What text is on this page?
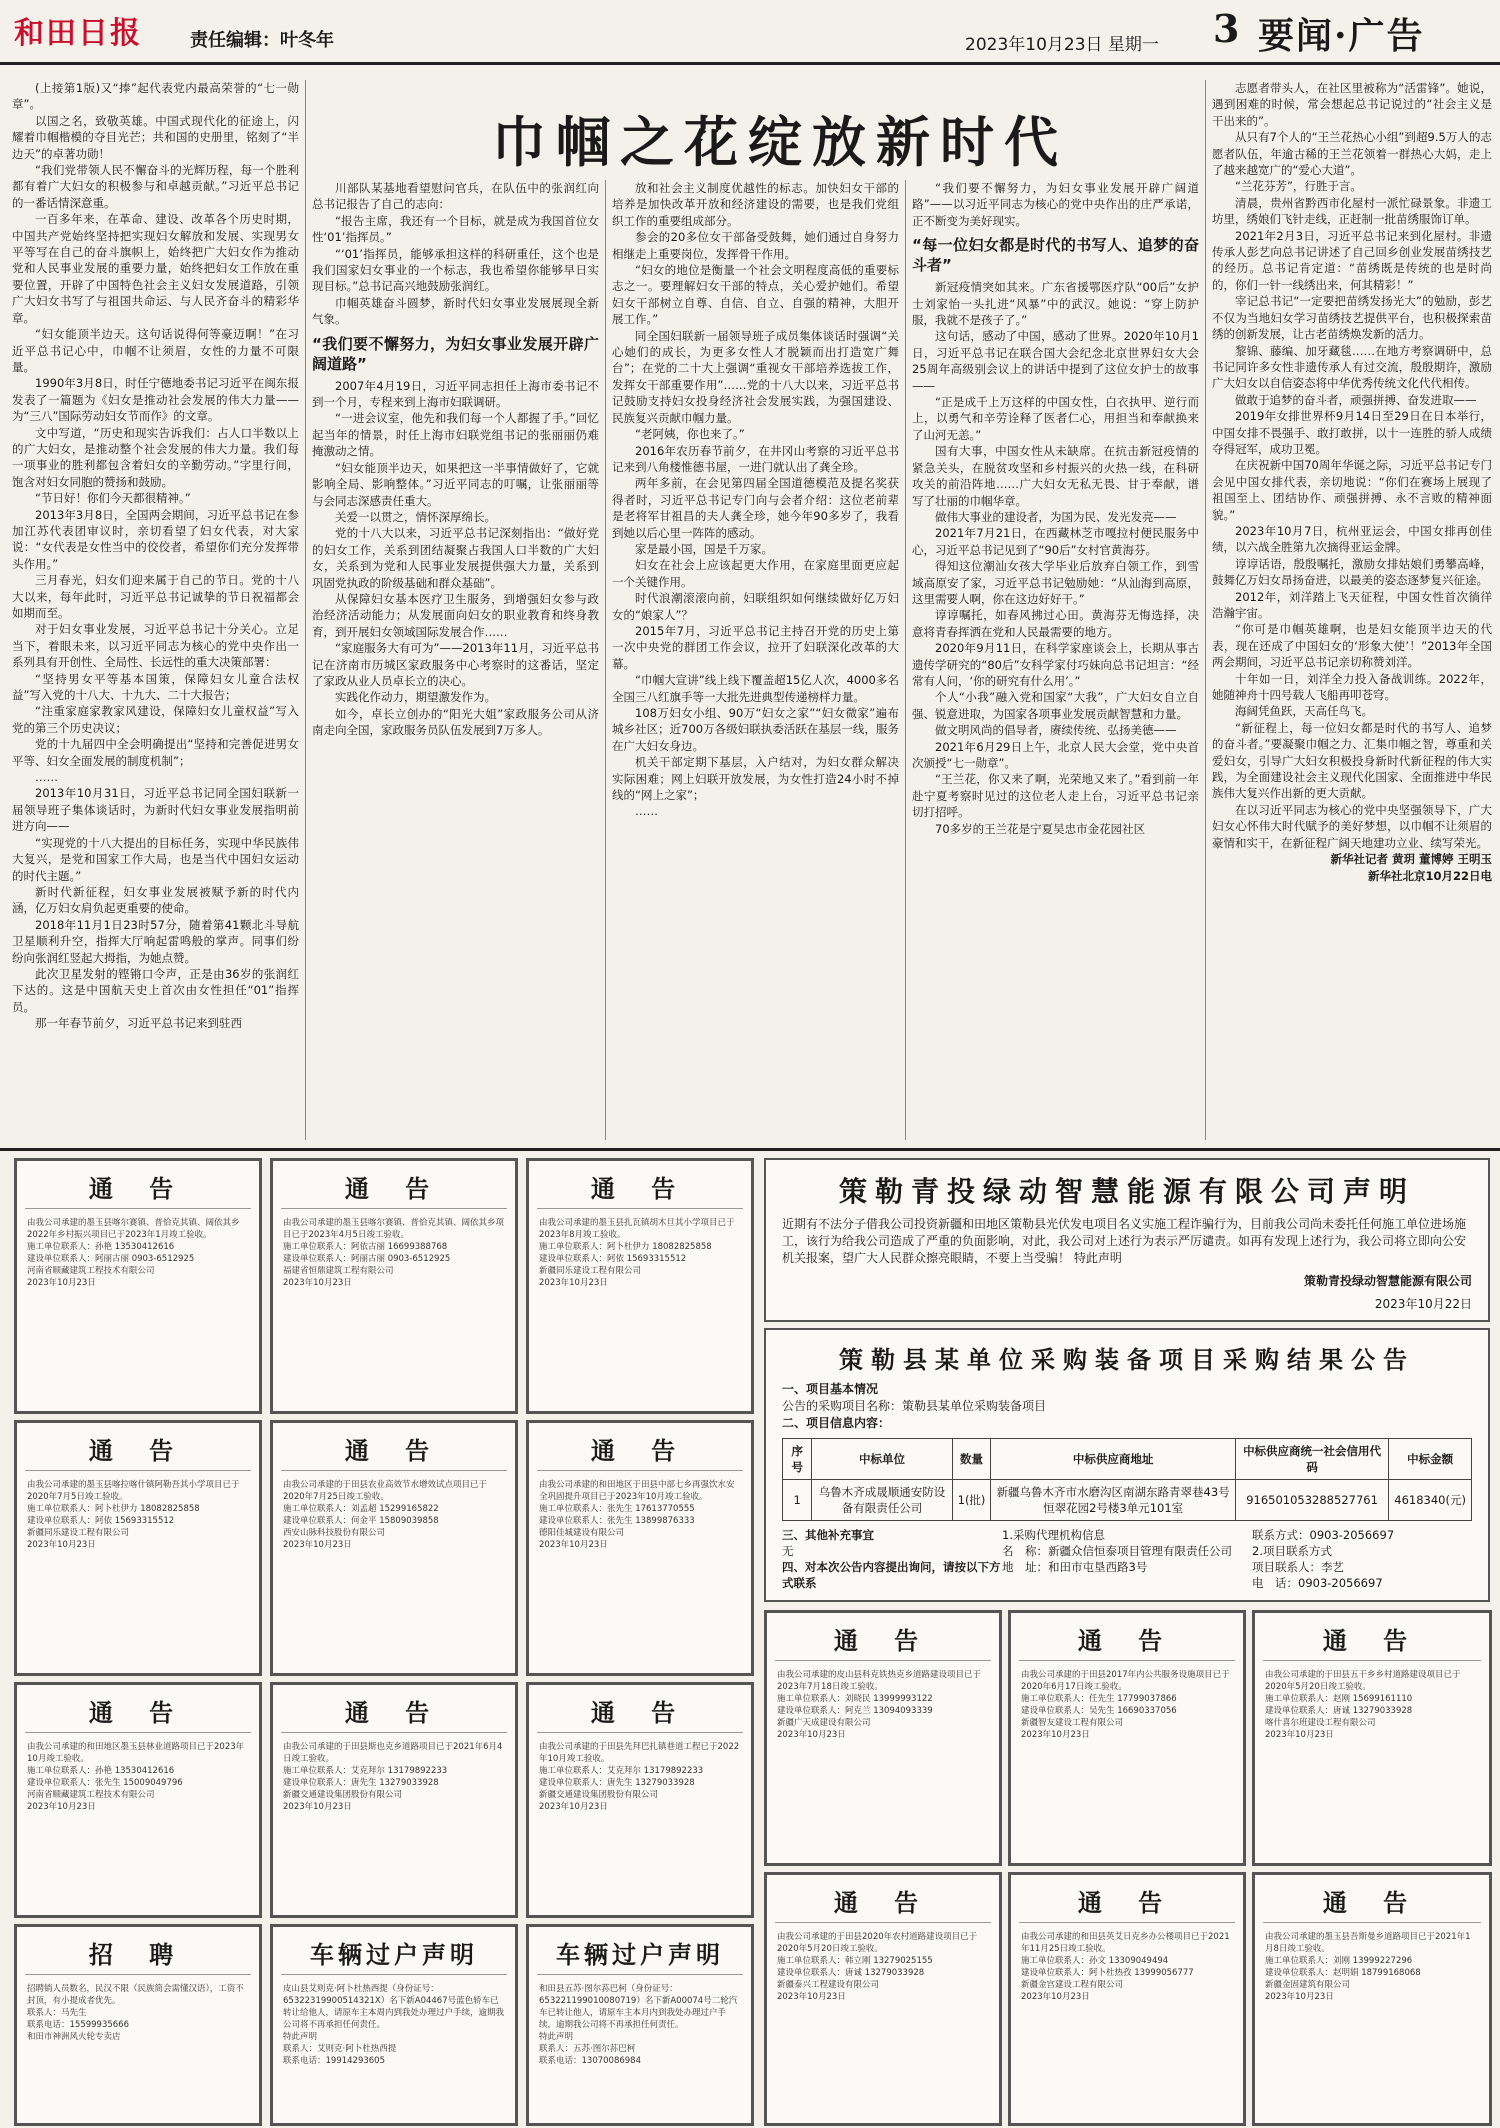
和田日报	责任编辑：叶冬年	2023年10月23日 星期一 3 要闻·广告
巾帼之花绽放新时代

(上接第1版)又“捧”起代表党内最高荣誉的“七一勋章”。

以国之名，致敬英雄。中国式现代化的征途上，闪耀着巾帼楷模的夺目光芒；共和国的史册里，铭刻了“半边天”的卓著功勋！

“我们党带领人民不懈奋斗的光辉历程，每一个胜利都有着广大妇女的积极参与和卓越贡献。”习近平总书记的一番话情深意重。

一百多年来，在革命、建设、改革各个历史时期，中国共产党始终坚持把实现妇女解放和发展、实现男女平等写在自己的奋斗旗帜上，始终把广大妇女作为推动党和人民事业发展的重要力量，始终把妇女工作放在重要位置，开辟了中国特色社会主义妇女发展道路，引领广大妇女书写了与祖国共命运、与人民齐奋斗的精彩华章。

“妇女能顶半边天。这句话说得何等豪迈啊！”在习近平总书记心中，巾帼不让须眉，女性的力量不可限量。

1990年3月8日，时任宁德地委书记习近平在闽东报发表了一篇题为《妇女是推动社会发展的伟大力量——为“三八”国际劳动妇女节而作》的文章。

文中写道，“历史和现实告诉我们：占人口半数以上的广大妇女，是推动整个社会发展的伟大力量。我们每一项事业的胜利都包含着妇女的辛勤劳动。”字里行间，饱含对妇女同胞的赞扬和鼓励。

“节日好！你们今天都很精神。”

2013年3月8日，全国两会期间，习近平总书记在参加江苏代表团审议时，亲切看望了妇女代表，对大家说：“女代表是女性当中的佼佼者，希望你们充分发挥带头作用。”

三月春光，妇女们迎来属于自己的节日。党的十八大以来，每年此时，习近平总书记诚挚的节日祝福都会如期而至。

对于妇女事业发展，习近平总书记十分关心。立足当下，着眼未来，以习近平同志为核心的党中央作出一系列具有开创性、全局性、长远性的重大决策部署：

“坚持男女平等基本国策，保障妇女儿童合法权益”写入党的十八大、十九大、二十大报告；

“注重家庭家教家风建设，保障妇女儿童权益”写入党的第三个历史决议；

党的十九届四中全会明确提出“坚持和完善促进男女平等、妇女全面发展的制度机制”；

……

2013年10月31日，习近平总书记同全国妇联新一届领导班子集体谈话时，为新时代妇女事业发展指明前进方向——

“实现党的十八大提出的目标任务，实现中华民族伟大复兴，是党和国家工作大局，也是当代中国妇女运动的时代主题。”

新时代新征程，妇女事业发展被赋予新的时代内涵，亿万妇女肩负起更重要的使命。

2018年11月1日23时57分，随着第41颗北斗导航卫星顺利升空，指挥大厅响起雷鸣般的掌声。同事们纷纷向张润红竖起大拇指，为她点赞。

此次卫星发射的铿锵口令声，正是由36岁的张润红下达的。这是中国航天史上首次由女性担任“01”指挥员。

那一年春节前夕，习近平总书记来到驻西

川部队某基地看望慰问官兵，在队伍中的张润红向总书记报告了自己的志向：

“报告主席，我还有一个目标，就是成为我国首位女性‘01’指挥员。”

“‘01’指挥员，能够承担这样的科研重任，这个也是我们国家妇女事业的一个标志，我也希望你能够早日实现目标。”总书记高兴地鼓励张润红。

巾帼英雄奋斗圆梦，新时代妇女事业发展展现全新气象。

“我们要不懈努力，为妇女事业发展开辟广阔道路”

2007年4月19日，习近平同志担任上海市委书记不到一个月，专程来到上海市妇联调研。

“一进会议室，他先和我们每一个人都握了手。”回忆起当年的情景，时任上海市妇联党组书记的张丽丽仍难掩激动之情。

“妇女能顶半边天，如果把这一半事情做好了，它就影响全局、影响整体。”习近平同志的叮嘱，让张丽丽等与会同志深感责任重大。

关爱一以贯之，情怀深厚绵长。

党的十八大以来，习近平总书记深刻指出：“做好党的妇女工作，关系到团结凝聚占我国人口半数的广大妇女，关系到为党和人民事业发展提供强大力量，关系到巩固党执政的阶级基础和群众基础”。

从保障妇女基本医疗卫生服务，到增强妇女参与政治经济活动能力；从发展面向妇女的职业教育和终身教育，到开展妇女领域国际发展合作……

“家庭服务大有可为”——2013年11月，习近平总书记在济南市历城区家政服务中心考察时的这番话，坚定了家政从业人员卓长立的决心。

实践化作动力，期望激发作为。

如今，卓长立创办的“阳光大姐”家政服务公司从济南走向全国，家政服务员队伍发展到7万多人。

放和社会主义制度优越性的标志。加快妇女干部的培养是加快改革开放和经济建设的需要，也是我们党组织工作的重要组成部分。

参会的20多位女干部备受鼓舞，她们通过自身努力相继走上重要岗位，发挥骨干作用。

“妇女的地位是衡量一个社会文明程度高低的重要标志之一。要理解妇女干部的特点，关心爱护她们。希望妇女干部树立自尊、自信、自立、自强的精神，大胆开展工作。”

同全国妇联新一届领导班子成员集体谈话时强调“关心她们的成长，为更多女性人才脱颖而出打造宽广舞台”；在党的二十大上强调“重视女干部培养选拔工作，发挥女干部重要作用”……党的十八大以来，习近平总书记鼓励支持妇女投身经济社会发展实践，为强国建设、民族复兴贡献巾帼力量。

“老阿姨，你也来了。”

2016年农历春节前夕，在井冈山考察的习近平总书记来到八角楼惟德书屋，一进门就认出了龚全珍。

两年多前，在会见第四届全国道德模范及提名奖获得者时，习近平总书记专门向与会者介绍：这位老前辈是老将军甘祖昌的夫人龚全珍，她今年90多岁了，我看到她以后心里一阵阵的感动。

家是最小国，国是千万家。

妇女在社会上应该起更大作用，在家庭里面更应起一个关键作用。

时代浪潮滚滚向前，妇联组织如何继续做好亿万妇女的“娘家人”？

2015年7月，习近平总书记主持召开党的历史上第一次中央党的群团工作会议，拉开了妇联深化改革的大幕。

“巾帼大宣讲”线上线下覆盖超15亿人次，4000多名全国三八红旗手等一大批先进典型传递榜样力量。

108万妇女小组、90万“妇女之家”“妇女微家”遍布城乡社区；近700万各级妇联执委活跃在基层一线，服务在广大妇女身边。

机关干部定期下基层，入户结对，为妇女群众解决实际困难；网上妇联开放发展，为女性打造24小时不掉线的“网上之家”；

……

“我们要不懈努力，为妇女事业发展开辟广阔道路”——以习近平同志为核心的党中央作出的庄严承诺，正不断变为美好现实。

“每一位妇女都是时代的书写人、追梦的奋斗者”

新冠疫情突如其来。广东省援鄂医疗队“00后”女护士刘家怡一头扎进“风暴”中的武汉。她说：“穿上防护服，我就不是孩子了。”

这句话，感动了中国，感动了世界。2020年10月1日，习近平总书记在联合国大会纪念北京世界妇女大会25周年高级别会议上的讲话中提到了这位女护士的故事——

“正是成千上万这样的中国女性，白衣执甲、逆行而上，以勇气和辛劳诠释了医者仁心，用担当和奉献换来了山河无恙。”

国有大事，中国女性从未缺席。在抗击新冠疫情的紧急关头，在脱贫攻坚和乡村振兴的火热一线，在科研攻关的前沿阵地……广大妇女无私无畏、甘于奉献，谱写了壮丽的巾帼华章。

做伟大事业的建设者，为国为民、发光发亮——

2021年7月21日，在西藏林芝市嘎拉村便民服务中心，习近平总书记见到了“90后”女村官黄海芬。

得知这位潮汕女孩大学毕业后放弃白领工作，到雪域高原安了家，习近平总书记勉励她：“从汕海到高原，这里需要人啊，你在这边好好干。”

谆谆嘱托，如春风拂过心田。黄海芬无悔选择，决意将青春挥洒在党和人民最需要的地方。

2020年9月11日，在科学家座谈会上，长期从事古遗传学研究的“80后”女科学家付巧妹向总书记坦言：“经常有人问，‘你的研究有什么用’。”

个人“小我”融入党和国家“大我”，广大妇女自立自强、锐意进取，为国家各项事业发展贡献智慧和力量。

做文明风尚的倡导者，赓续传统、弘扬美德——

2021年6月29日上午，北京人民大会堂，党中央首次颁授“七一勋章”。

“王兰花，你又来了啊，光荣地又来了。”看到前一年赴宁夏考察时见过的这位老人走上台，习近平总书记亲切打招呼。

70多岁的王兰花是宁夏吴忠市金花园社区

志愿者带头人，在社区里被称为“活雷锋”。她说，遇到困难的时候，常会想起总书记说过的“社会主义是干出来的”。

从只有7个人的“王兰花热心小组”到超9.5万人的志愿者队伍，年逾古稀的王兰花领着一群热心大妈，走上了越来越宽广的“爱心大道”。

“兰花芬芳”，行胜于言。

清晨，贵州省黔西市化屋村一派忙碌景象。非遗工坊里，绣娘们飞针走线，正赶制一批苗绣服饰订单。

2021年2月3日，习近平总书记来到化屋村。非遗传承人彭艺向总书记讲述了自己回乡创业发展苗绣技艺的经历。总书记肯定道：“苗绣既是传统的也是时尚的，你们一针一线绣出来，何其精彩！”

宰记总书记“一定要把苗绣发扬光大”的勉励，彭艺不仅为当地妇女学习苗绣技艺提供平台，也积极探索苗绣的创新发展，让古老苗绣焕发新的活力。

黎锦、藤编、加牙藏毯……在地方考察调研中，总书记同许多女性非遗传承人有过交流，殷殷期许，激励广大妇女以自信姿态将中华优秀传统文化代代相传。

做敢于追梦的奋斗者，顽强拼搏、奋发进取——

2019年女排世界杯9月14日至29日在日本举行，中国女排不畏强手、敢打敢拼，以十一连胜的骄人成绩夺得冠军，成功卫冕。

在庆祝新中国70周年华诞之际，习近平总书记专门会见中国女排代表，亲切地说：“你们在赛场上展现了祖国至上、团结协作、顽强拼搏、永不言败的精神面貌。”

2023年10月7日，杭州亚运会，中国女排再创佳绩，以六战全胜第九次摘得亚运金牌。

谆谆话语，殷殷嘱托，激励女排姑娘们勇攀高峰，鼓舞亿万妇女昂扬奋进，以最美的姿态逐梦复兴征途。

2012年，刘洋踏上飞天征程，中国女性首次徜徉浩瀚宇宙。

“你可是巾帼英雄啊，也是妇女能顶半边天的代表，现在还成了中国妇女的‘形象大使’！”2013年全国两会期间，习近平总书记亲切称赞刘洋。

十年如一日，刘洋全力投入备战训练。2022年，她随神舟十四号载人飞船再叩苍穹。

海阔凭鱼跃，天高任鸟飞。

“新征程上，每一位妇女都是时代的书写人、追梦的奋斗者。”要凝聚巾帼之力、汇集巾帼之智，尊重和关爱妇女，引导广大妇女积极投身新时代新征程的伟大实践，为全面建设社会主义现代化国家、全面推进中华民族伟大复兴作出新的更大贡献。

在以习近平同志为核心的党中央坚强领导下，广大妇女心怀伟大时代赋予的美好梦想，以巾帼不让须眉的豪情和实干，在新征程广阔天地建功立业、续写荣光。

新华社记者 黄玥 董博婷 王明玉

新华社北京10月22日电

通 告
由我公司承建的墨玉县喀尔赛镇、普恰克其镇、阔依其乡2022年乡村振兴项目已于2023年1月竣工验收。
施工单位联系人：孙艳 13530412616
建设单位联系人：阿丽古丽 0903-6512925
河南省顺藏建筑工程技术有限公司
2023年10月23日
通 告
由我公司承建的墨玉县喀尔赛镇、普恰克其镇、阔依其乡项目已于2023年4月5日竣工验收。
施工单位联系人：阿依古丽 16699388768
建设单位联系人：阿丽古丽 0903-6512925
福建省恒鼎建筑工程有限公司
2023年10月23日
通 告
由我公司承建的墨玉县扎瓦镇胡木旦其小学项目已于2023年8月竣工验收。
施工单位联系人：阿卜杜伊力 18082825858
建设单位联系人：阿依 15693315512
新疆同乐建设工程有限公司
2023年10月23日
策勒青投绿动智慧能源有限公司声明
近期有不法分子借我公司投资新疆和田地区策勒县光伏发电项目名义实施工程诈骗行为，目前我公司尚未委托任何施工单位进场施工，该行为给我公司造成了严重的负面影响，对此，我公司对上述行为表示严厉谴责。如再有发现上述行为，我公司将立即向公安机关报案，望广大人民群众擦亮眼睛，不要上当受骗！ 特此声明
策勒青投绿动智慧能源有限公司
2023年10月22日
策勒县某单位采购装备项目采购结果公告
一、项目基本情况
公告的采购项目名称：策勒县某单位采购装备项目
二、项目信息内容：
序号	中标单位	数量	中标供应商地址	中标供应商统一社会信用代码	中标金额
1	乌鲁木齐成晟顺通安防设备有限责任公司	1(批)	新疆乌鲁木齐市水磨沟区南湖东路青翠巷43号恒翠花园2号楼3单元101室	916501053288527761	4618340(元)
三、其他补充事宜
无
四、对本次公告内容提出询问，请按以下方式联系
1.采购代理机构信息
名　称：新疆众信恒泰项目管理有限责任公司
地　址：和田市屯垦西路3号
联系方式：0903-2056697
2.项目联系方式
项目联系人：李艺
电　话：0903-2056697
通 告
由我公司承建的墨玉县喀拉喀什镇阿勒吾其小学项目已于2020年7月5日竣工验收。
施工单位联系人：阿卜杜伊力 18082825858
建设单位联系人：阿依 15693315512
新疆同乐建设工程有限公司
2023年10月23日
通 告
由我公司承建的于田县农业高效节水增效试点项目已于2020年7月25日竣工验收。
施工单位联系人：刘孟超 15299165822
建设单位联系人：何金平 15809039858
西安山脉科技股份有限公司
2023年10月23日
通 告
由我公司承建的和田地区于田县中部七乡再强饮水安全巩固提升项目已于2023年10月竣工验收。
施工单位联系人：张先生 17613770555
建设单位联系人：张先生 13899876333
德阳佳城建设有限公司
2023年10月23日
通 告
由我公司承建的和田地区墨玉县林业道路项目已于2023年10月竣工验收。
施工单位联系人：孙艳 13530412616
建设单位联系人：张先生 15009049796
河南省顺藏建筑工程技术有限公司
2023年10月23日
通 告
由我公司承建的于田县斯也克乡道路项目已于2021年6月4日竣工验收。
施工单位联系人：艾克拜尔 13179892233
建设单位联系人：唐先生 13279033928
新疆交通建设集团股份有限公司
2023年10月23日
通 告
由我公司承建的于田县先拜巴扎镇巷道工程已于2022年10月竣工验收。
施工单位联系人：艾克拜尔 13179892233
建设单位联系人：唐先生 13279033928
新疆交通建设集团股份有限公司
2023年10月23日
通 告
由我公司承建的皮山县科克铁热克乡道路建设项目已于2023年7月18日竣工验收。
施工单位联系人：刘晓民 13999993122
建设单位联系人：阿克兰 13094093339
新疆广天成建设有限公司
2023年10月23日
通 告
由我公司承建的于田县2017年内公共服务设施项目已于2020年6月17日竣工验收。
施工单位联系人：任先生 17799037866
建设单位联系人：吴先生 16690337056
新疆智友建设工程有限公司
2023年10月23日
通 告
由我公司承建的于田县五干乡乡村道路建设项目已于2020年5月20日竣工验收。
施工单位联系人：赵刚 15699161110
建设单位联系人：唐诚 13279033928
喀什喜尔班建设工程有限公司
2023年10月23日
招 聘
招聘销人员数名，民汉不限（民族简会需懂汉语），工资不封顶，有小提成者优先。
联系人：马先生
联系电话：15599935666
和田市神洲风火轮专卖店
车辆过户声明
皮山县艾则克·阿卜杜热西提（身份证号：65322319900514321X）名下新A04467号蓝色轿车已转让给他人，请原车主本周内到我处办理过户手续，逾期我公司将不再承担任何责任。
特此声明
联系人：艾则克·阿卜杜热西提
联系电话：19914293605
车辆过户声明
和田县五苏·图尔荪巴柯（身份证号：653221199010080719）名下新A00074号二轮汽车已转让他人，请原车主本月内到我处办理过户手续，逾期我公司将不再承担任何责任。
特此声明
联系人：五苏·图尔荪巴柯
联系电话：13070086984
通 告
由我公司承建的于田县2020年农村道路建设项目已于2020年5月20日竣工验收。
施工单位联系人：韩立刚 13279025155
建设单位联系人：唐诚 13279033928
新疆泰兴工程建设有限公司
2023年10月23日
通 告
由我公司承建的和田县英艾日克乡办公楼项目已于2021年11月25日竣工验收。
施工单位联系人：孙文 13309049494
建设单位联系人：阿卜杜热孜 13999056777
新疆金宫建设工程有限公司
2023年10月23日
通 告
由我公司承建的墨玉县吾斯曼乡道路项目已于2021年1月8日竣工验收。
施工单位联系人：刘刚 13999227296
建设单位联系人：赵明娟 18799168068
新疆金固建筑有限公司
2023年10月23日
